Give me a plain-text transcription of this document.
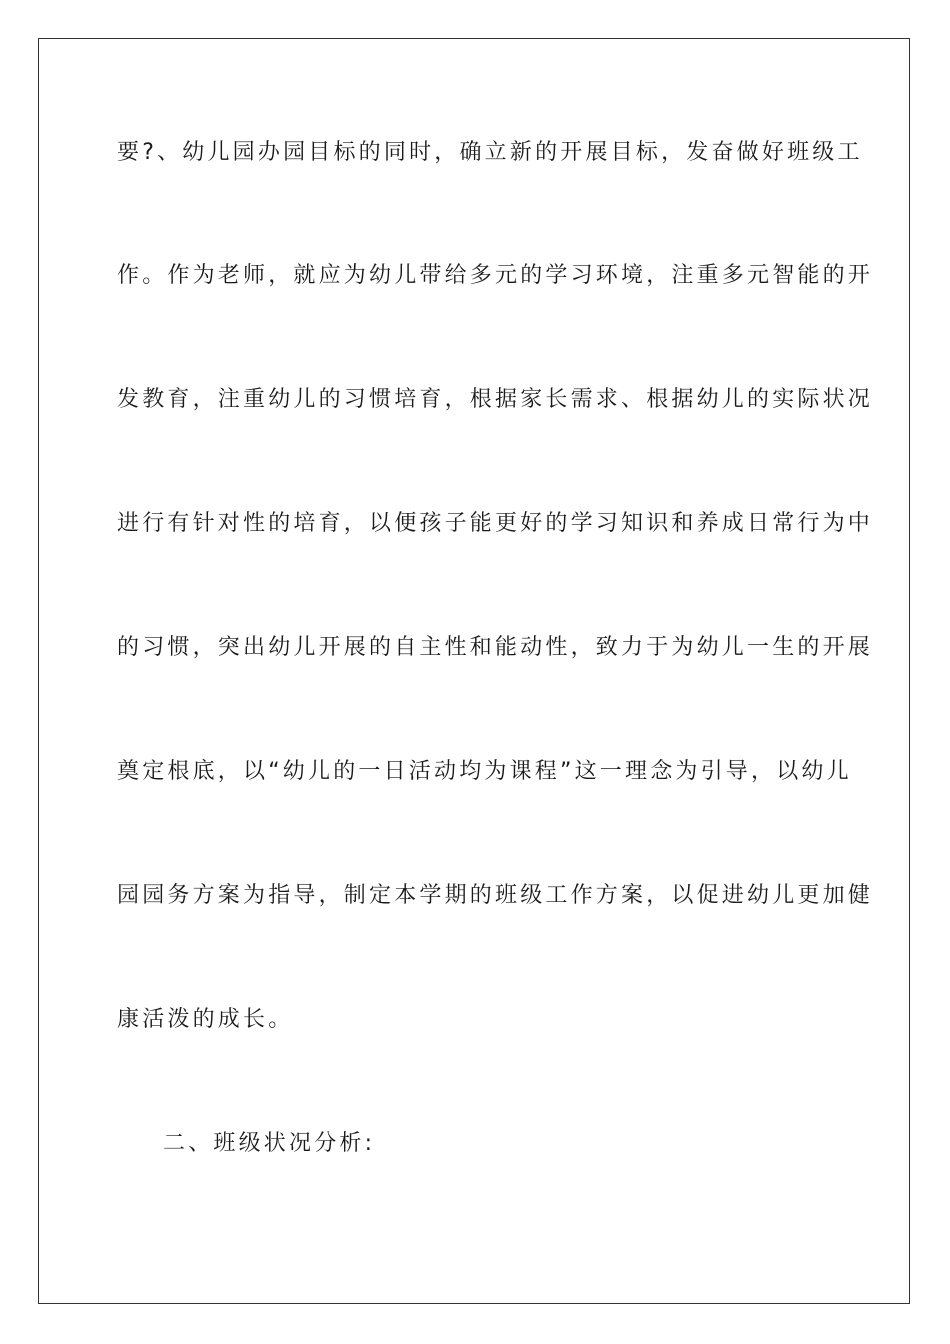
要?、幼儿园办园目标的同时，确立新的开展目标，发奋做好班级工
作。作为老师，就应为幼儿带给多元的学习环境，注重多元智能的开
发教育，注重幼儿的习惯培育，根据家长需求、根据幼儿的实际状况
进行有针对性的培育，以便孩子能更好的学习知识和养成日常行为中
的习惯，突出幼儿开展的自主性和能动性，致力于为幼儿一生的开展
奠定根底，以“幼儿的一日活动均为课程”这一理念为引导，以幼儿
园园务方案为指导，制定本学期的班级工作方案，以促进幼儿更加健
康活泼的成长。
二、班级状况分析:
